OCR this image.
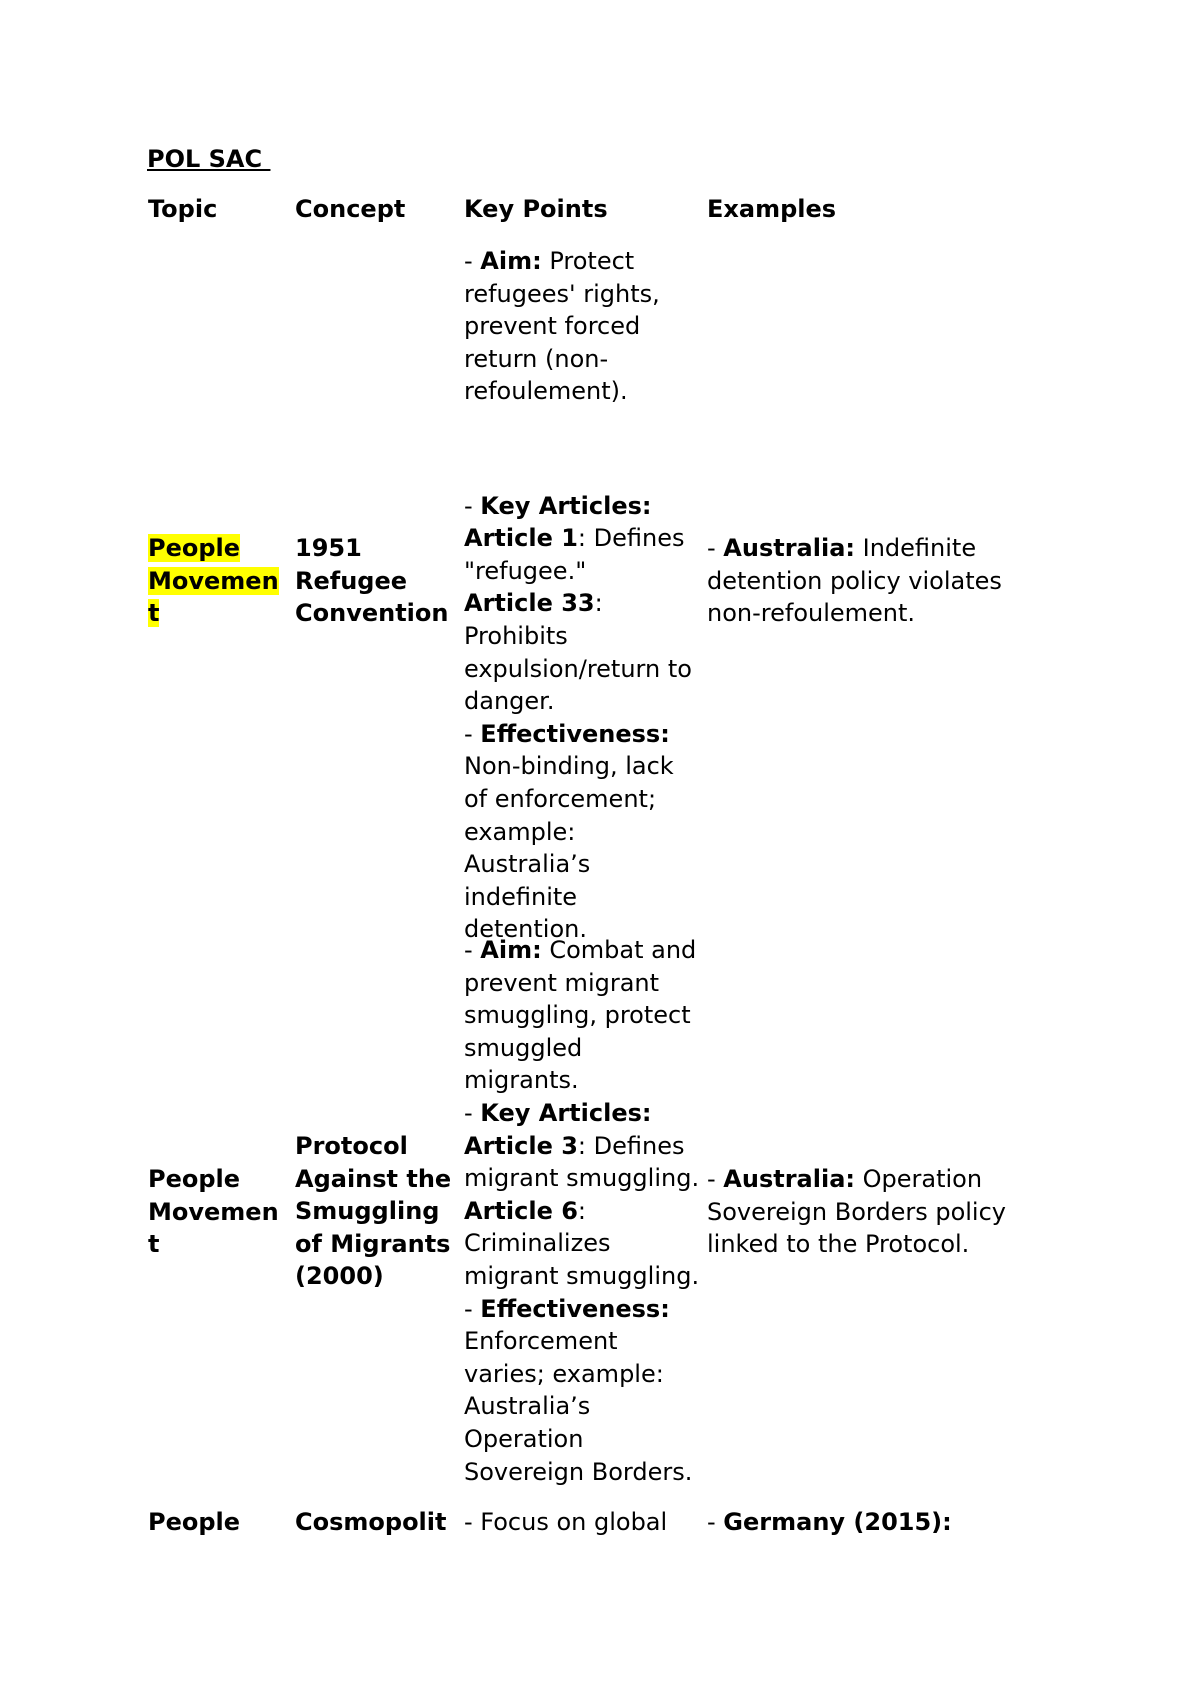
POL SAC
Topic	Concept Key Points	Examples
People
Movemen
t
1951
Refugee
Convention
- Aim: Protect
refugees' rights,
prevent forced
return (non-
refoulement).
- Key Articles:
Article 1: Defines
"refugee."
Article 33:
Prohibits
expulsion/return to
danger.
- Effectiveness:
Non-binding, lack
of enforcement;
example:
Australia’s
indefinite
detention.
- Australia: Indefinite
detention policy violates
non-refoulement.
People
Movemen
t
Protocol
Against the
Smuggling
of Migrants
(2000)
- Aim: Combat and
prevent migrant
smuggling, protect
smuggled
migrants.
- Key Articles:
Article 3: Defines
migrant smuggling.
Article 6:
Criminalizes
migrant smuggling.
- Effectiveness:
Enforcement
varies; example:
Australia’s
Operation
Sovereign Borders.
- Australia: Operation
Sovereign Borders policy
linked to the Protocol.
People Cosmopolit - Focus on global - Germany (2015):
